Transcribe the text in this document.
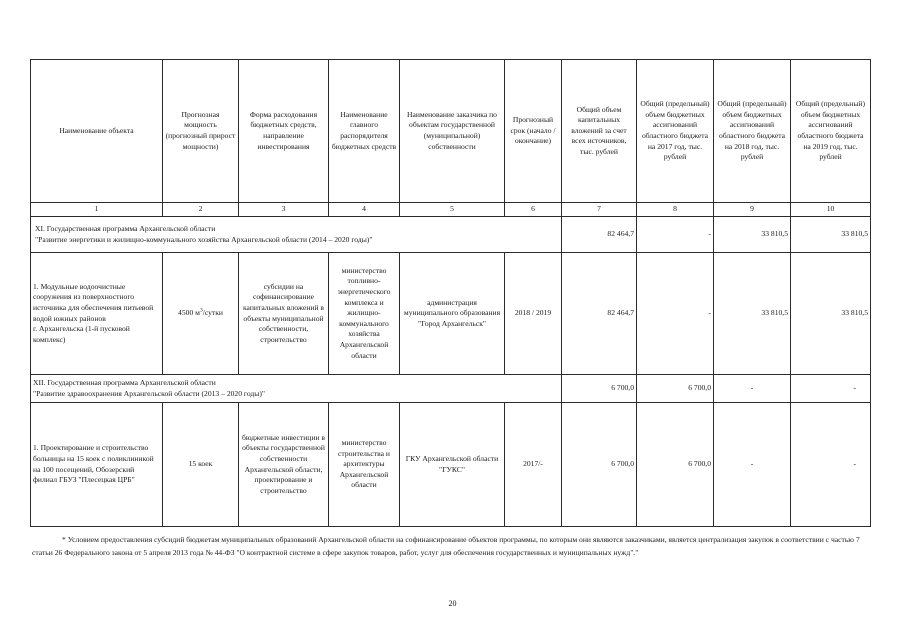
Наименование объекта	Прогнозная мощность (прогнозный прирост мощности)	Форма расходования бюджетных средств, направление инвестирования	Наименование главного распорядителя бюджетных средств	Наименование заказчика по объектам государственной (муниципальной) собственности	Прогнозный срок (начало / окончание)	Общий объем капитальных вложений за счет всех источников, тыс. рублей	Общий (предельный) объем бюджетных ассигнований областного бюджета на 2017 год, тыс. рублей	Общий (предельный) объем бюджетных ассигнований областного бюджета на 2018 год, тыс. рублей	Общий (предельный) объем бюджетных ассигнований областного бюджета на 2019 год, тыс. рублей
1	2	3	4	5	6	7	8	9	10
XI. Государственная программа Архангельской области
"Развитие энергетики и жилищно-коммунального хозяйства Архангельской области (2014 – 2020 годы)"						82 464,7	-	33 810,5	33 810,5
1. Модульные водоочистные сооружения из поверхностного источника для обеспечения питьевой водой южных районов
г. Архангельска (1-й пусковой комплекс)	4500 $м^3$/сутки	субсидии на софинансирование капитальных вложений в объекты муниципальной собственности, строительство	министерство топливно-энергетического комплекса и жилищно-коммунального хозяйства Архангельской области	администрация муниципального образования "Город Архангельск"	2018 / 2019	82 464,7	-	33 810,5	33 810,5
XII. Государственная программа Архангельской области
"Развитие здравоохранения Архангельской области (2013 – 2020 годы)"						6 700,0	6 700,0	-	-
1. Проектирование и строительство больницы на 15 коек с поликлиникой на 100 посещений, Обозерский филиал ГБУЗ "Плесецкая ЦРБ"	15 коек	бюджетные инвестиции в объекты государственной собственности Архангельской области, проектирование и строительство	министерство строительства и архитектуры Архангельской области	ГКУ Архангельской области "ГУКС"	2017/-	6 700,0	6 700,0	-	-

* Условием предоставления субсидий бюджетам муниципальных образований Архангельской области на софинансирование объектов программы, по которым они являются заказчиками, является централизация закупок в соответствии с частью 7 статьи 26 Федерального закона от 5 апреля 2013 года № 44-ФЗ "О контрактной системе в сфере закупок товаров, работ, услуг для обеспечения государственных и муниципальных нужд"."

20
